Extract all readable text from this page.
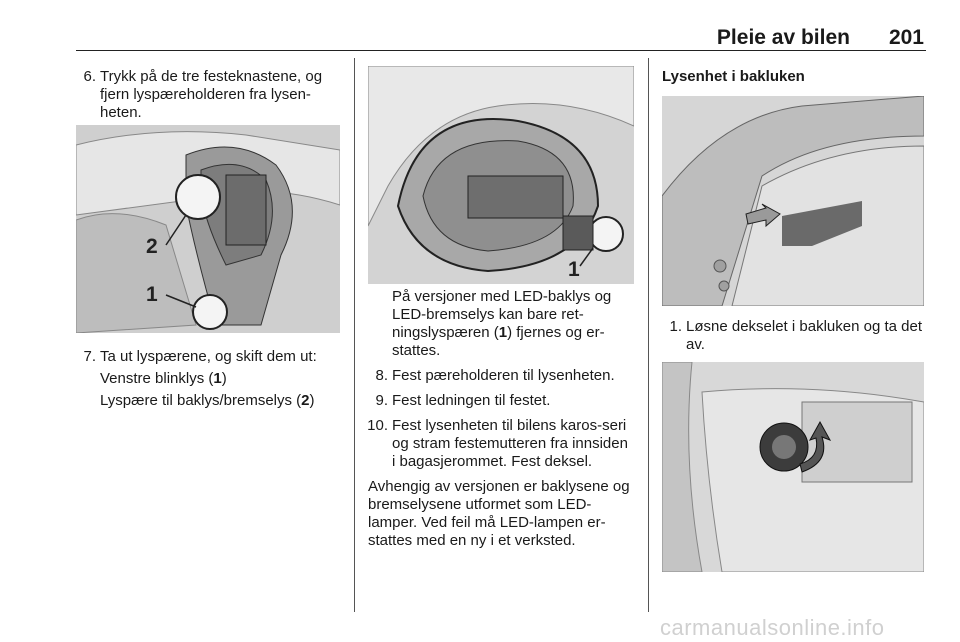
Pleie av bilen	201
6. Trykk på de tre festeknastene, og fjern lyspæreholderen fra lysen-heten.
2
1
7. Ta ut lyspærene, og skift dem ut:
Venstre blinklys (1)
Lyspære til baklys/bremselys (2)
1
På versjoner med LED-baklys og LED-bremselys kan bare ret-ningslyspæren (1) fjernes og er-stattes.
8. Fest pæreholderen til lysenheten.
9. Fest ledningen til festet.
10. Fest lysenheten til bilens karos-seri og stram festemutteren fra innsiden i bagasjerommet. Fest deksel.
Avhengig av versjonen er baklysene og bremselysene utformet som LED-lamper. Ved feil må LED-lampen er-stattes med en ny i et verksted.
Lysenhet i bakluken
1. Løsne dekselet i bakluken og ta det av.
carmanualsonline.info
